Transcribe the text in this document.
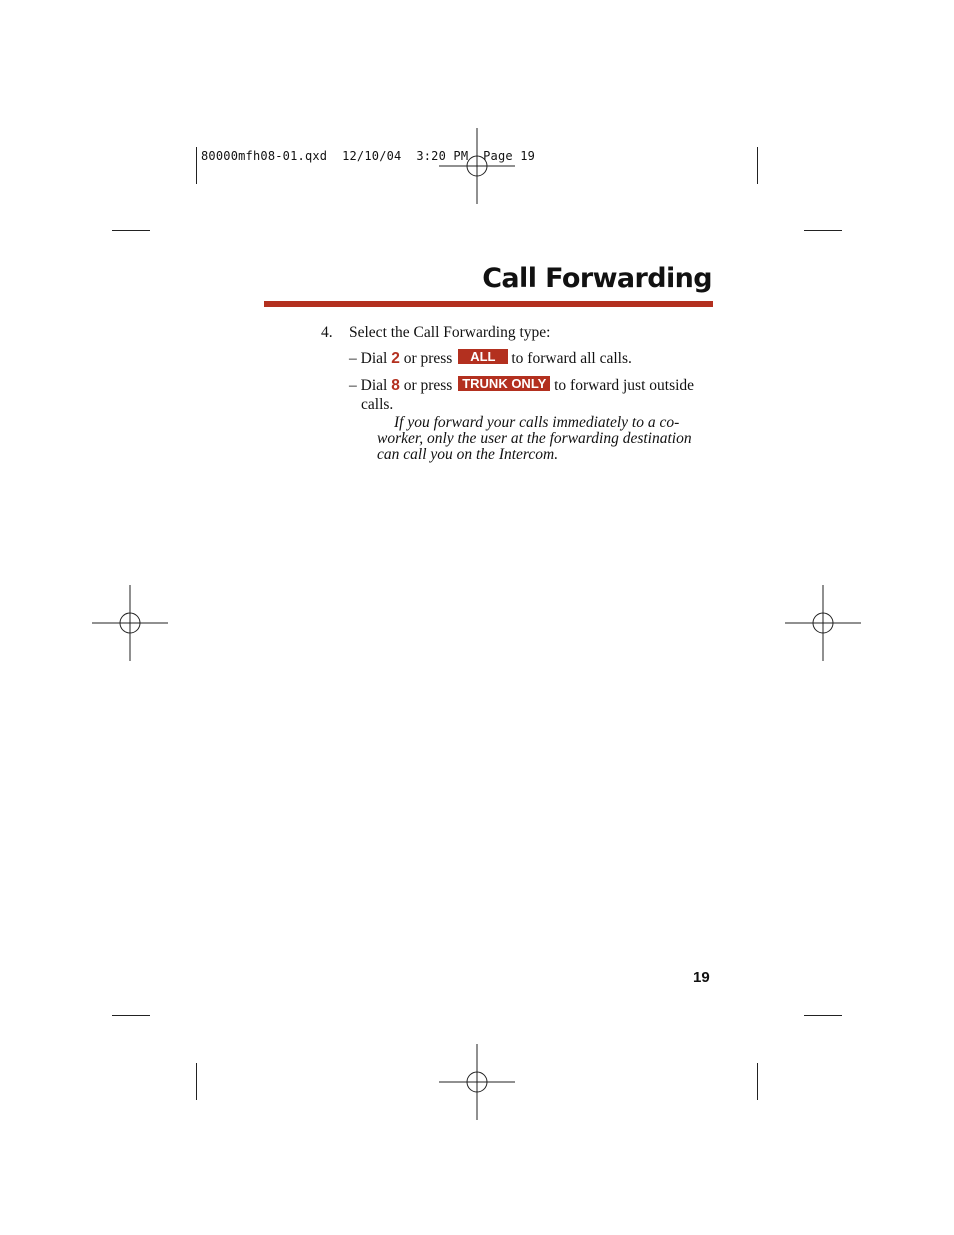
80000mfh08-01.qxd  12/10/04  3:20 PM  Page 19
Call Forwarding
4. Select the Call Forwarding type:
– Dial 2 or press ALL to forward all calls.
– Dial 8 or press TRUNK ONLY to forward just outside
calls.
If you forward your calls immediately to a co-worker, only the user at the forwarding destination can call you on the Intercom.
19
